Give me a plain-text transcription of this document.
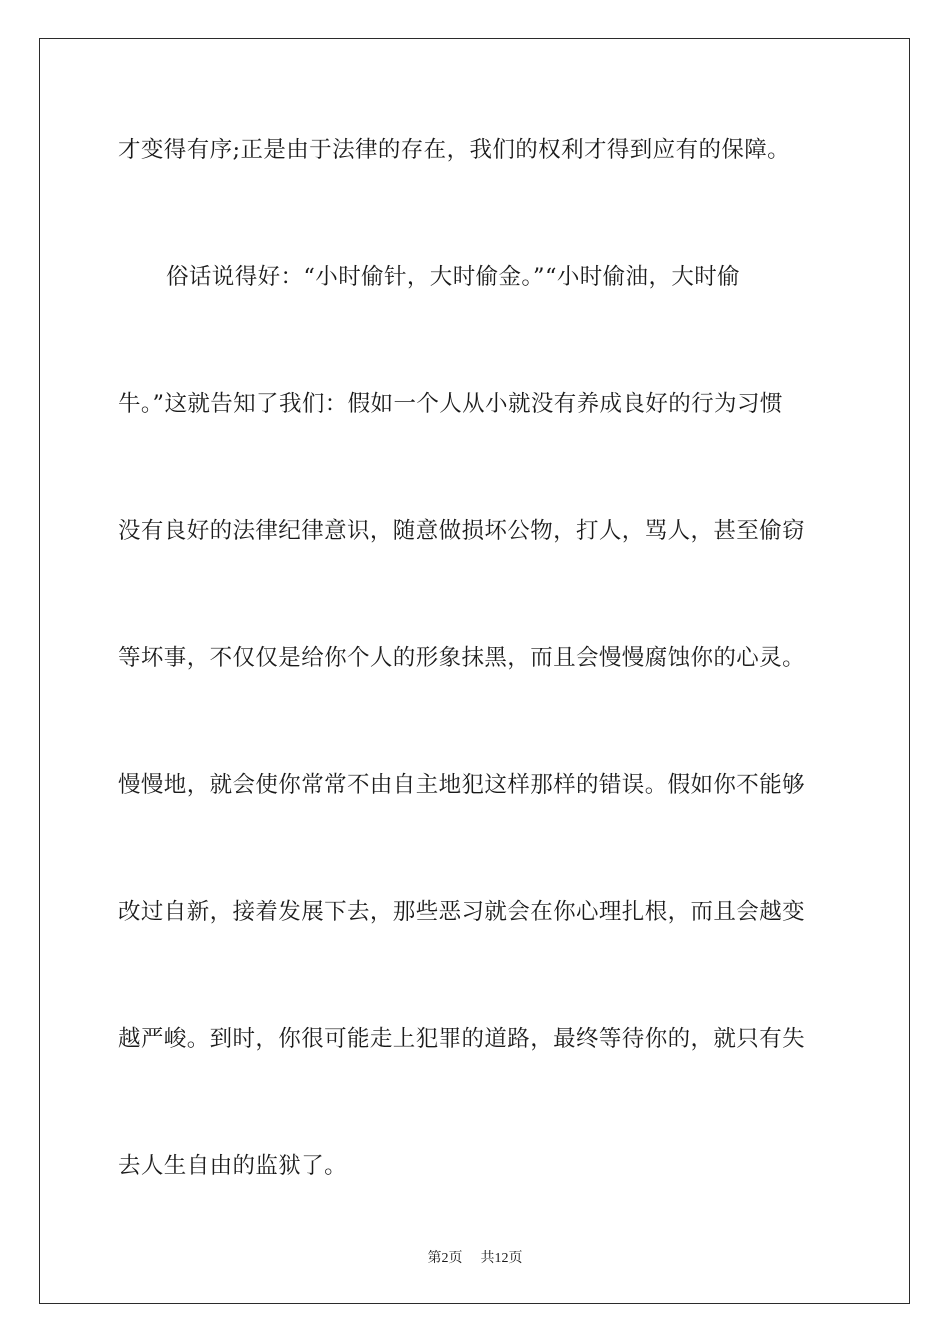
才变得有序;正是由于法律的存在，我们的权利才得到应有的保障。
俗话说得好：“小时偷针，大时偷金。”“小时偷油，大时偷
牛。”这就告知了我们：假如一个人从小就没有养成良好的行为习惯
没有良好的法律纪律意识，随意做损坏公物，打人，骂人，甚至偷窃
等坏事，不仅仅是给你个人的形象抹黑，而且会慢慢腐蚀你的心灵。
慢慢地，就会使你常常不由自主地犯这样那样的错误。假如你不能够
改过自新，接着发展下去，那些恶习就会在你心理扎根，而且会越变
越严峻。到时，你很可能走上犯罪的道路，最终等待你的，就只有失
去人生自由的监狱了。
第2页 共12页
